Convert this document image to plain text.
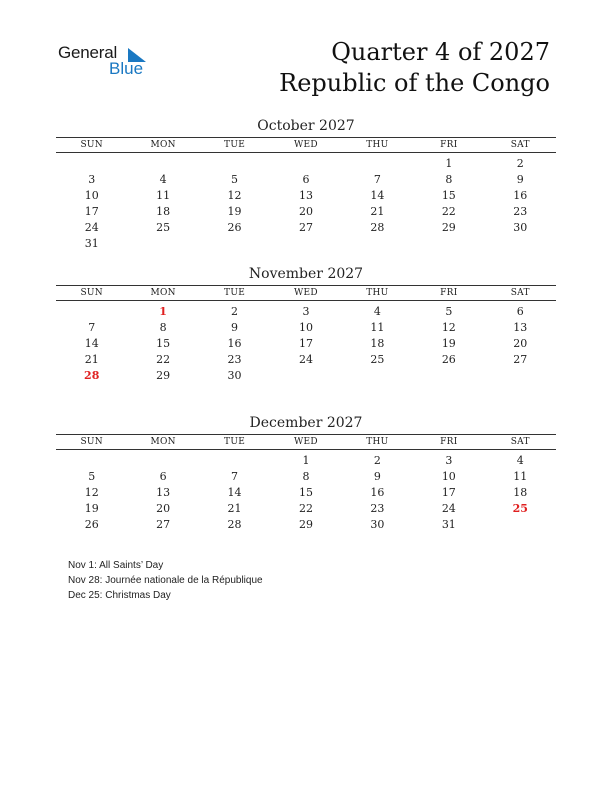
General
Blue
Quarter 4 of 2027
Republic of the Congo
October 2027
SUN	MON	TUE	WED	THU	FRI	SAT
					1	2
3	4	5	6	7	8	9
10	11	12	13	14	15	16
17	18	19	20	21	22	23
24	25	26	27	28	29	30
31						
November 2027
SUN	MON	TUE	WED	THU	FRI	SAT
	1	2	3	4	5	6
7	8	9	10	11	12	13
14	15	16	17	18	19	20
21	22	23	24	25	26	27
28	29	30				
December 2027
SUN	MON	TUE	WED	THU	FRI	SAT
			1	2	3	4
5	6	7	8	9	10	11
12	13	14	15	16	17	18
19	20	21	22	23	24	25
26	27	28	29	30	31	
Nov 1: All Saints’ Day
Nov 28: Journée nationale de la République
Dec 25: Christmas Day
